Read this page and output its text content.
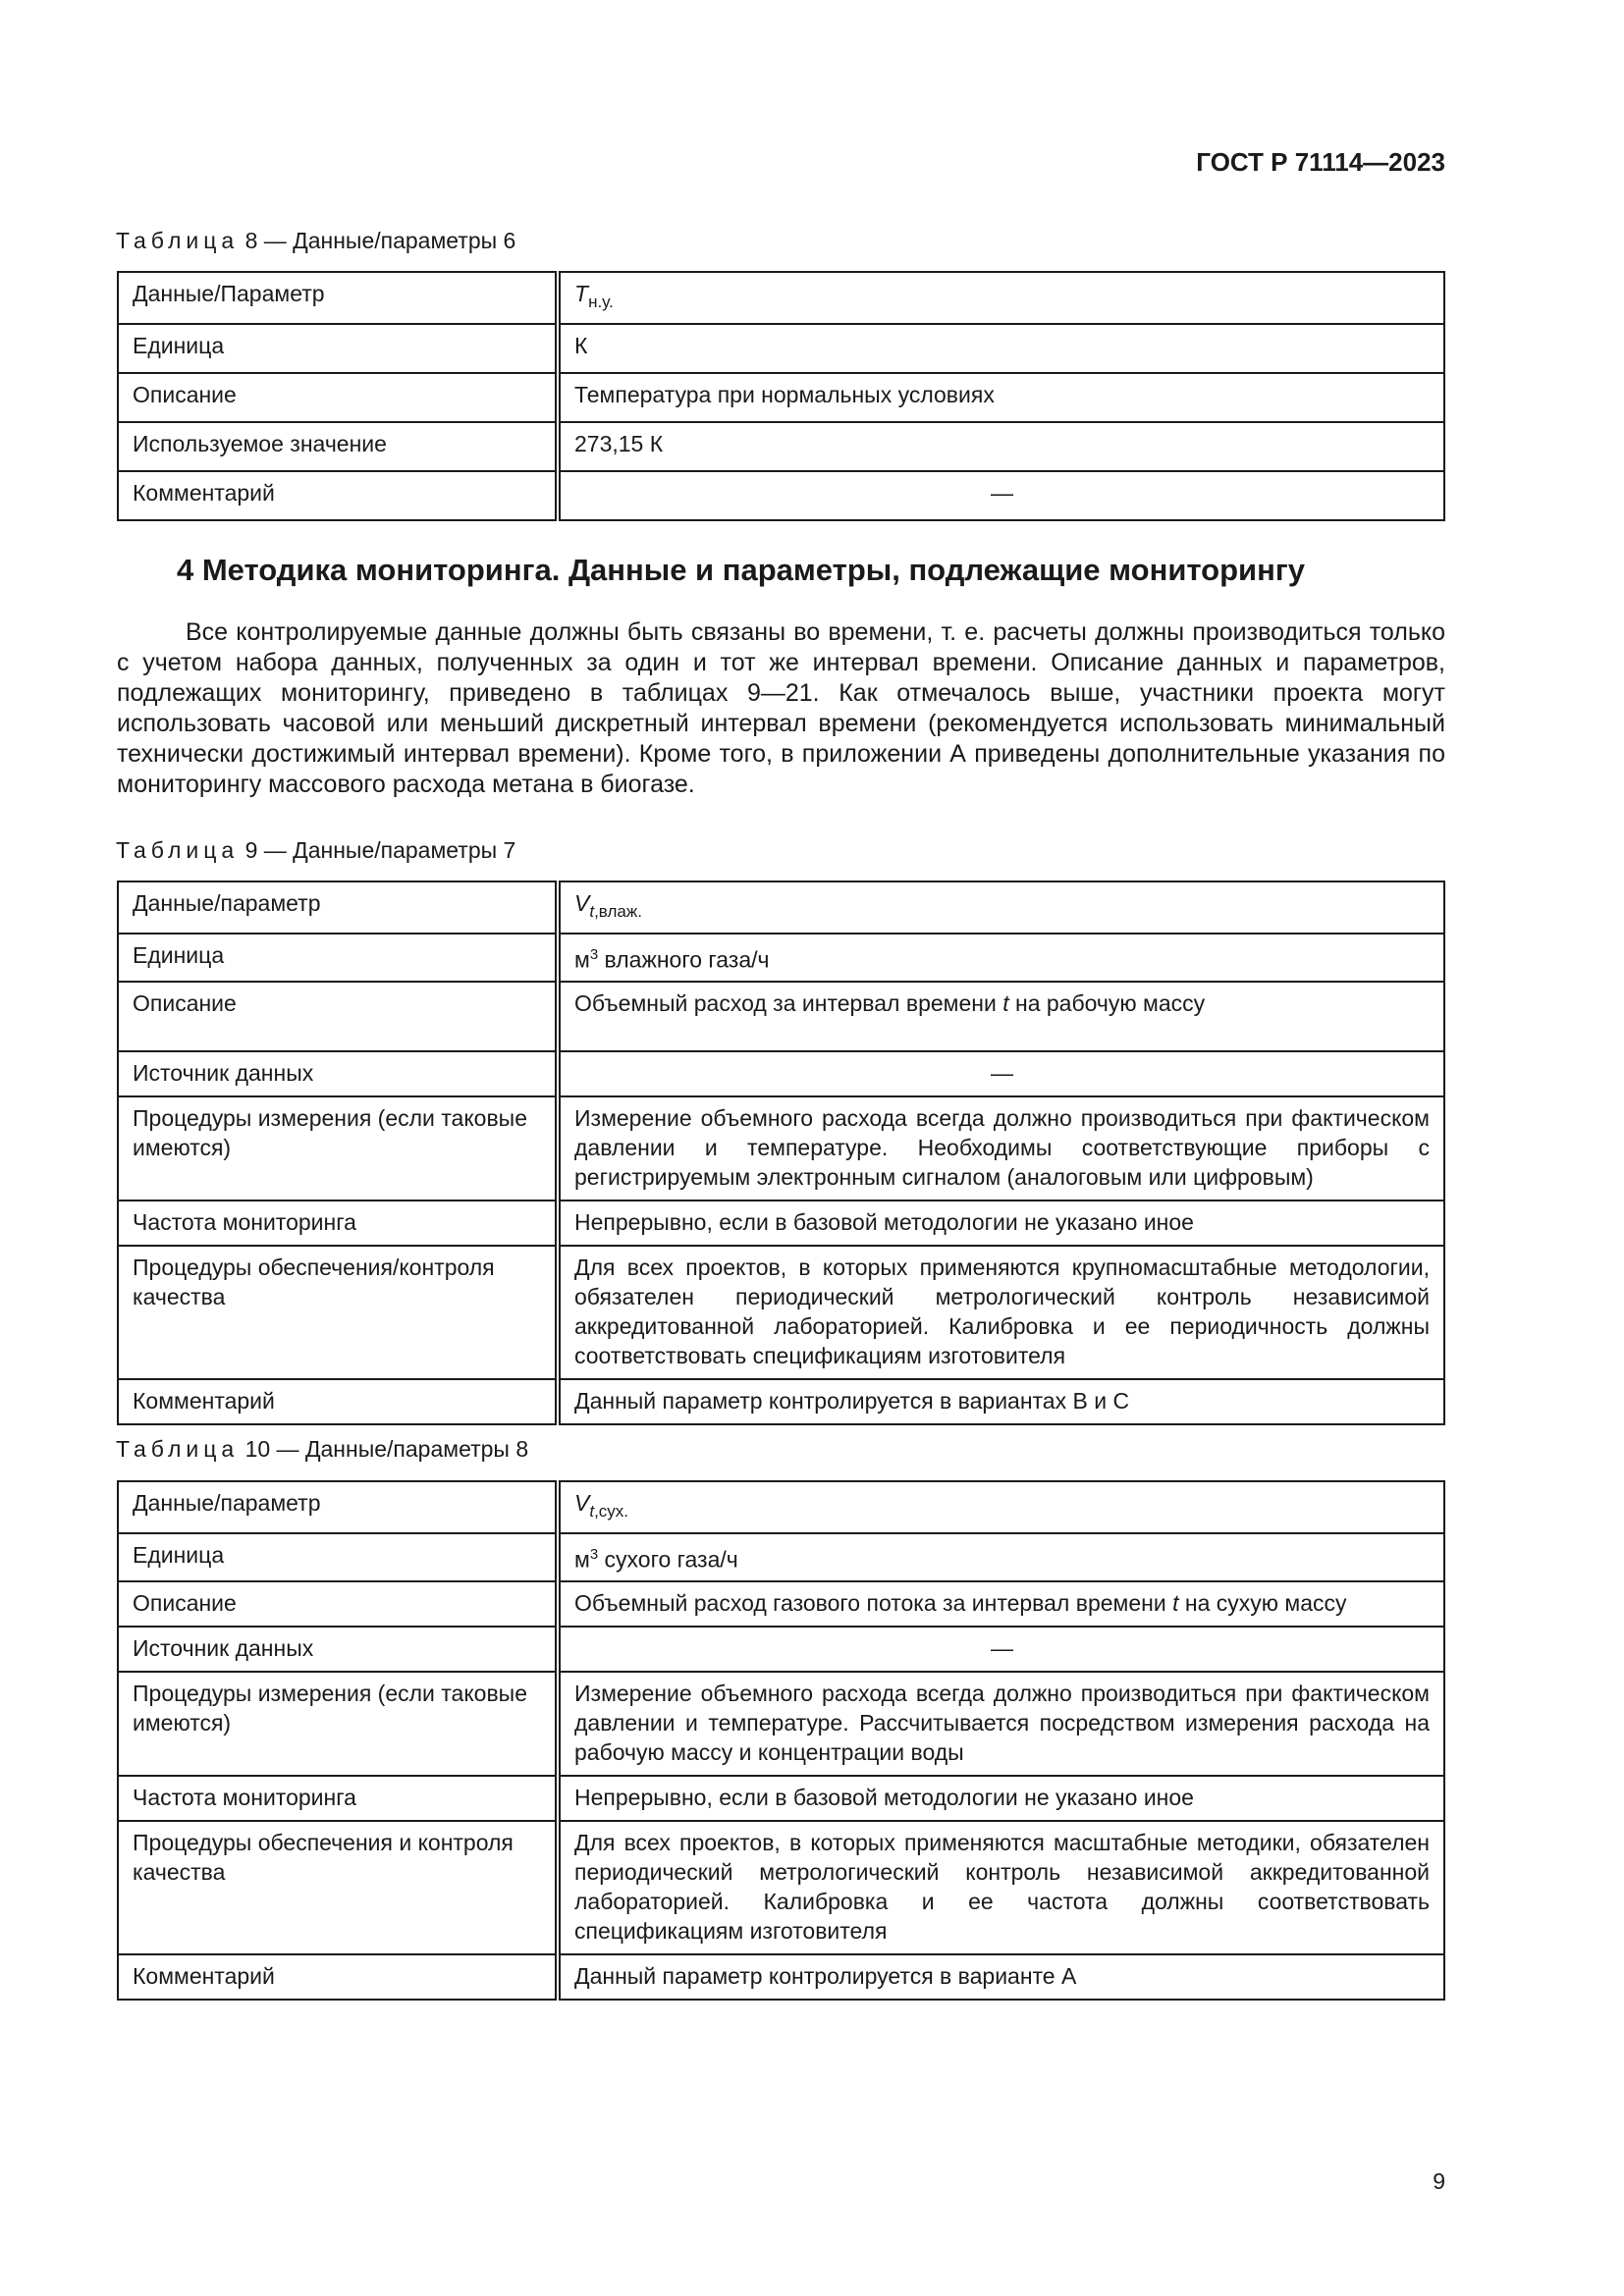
ГОСТ Р 71114—2023
Таблица 8 — Данные/параметры 6
Данные/Параметр	$T_{н.у.}$
Единица	К
Описание	Температура при нормальных условиях
Используемое значение	273,15 К
Комментарий	—
4 Методика мониторинга. Данные и параметры, подлежащие мониторингу
Все контролируемые данные должны быть связаны во времени, т. е. расчеты должны производиться только с учетом набора данных, полученных за один и тот же интервал времени. Описание данных и параметров, подлежащих мониторингу, приведено в таблицах 9—21. Как отмечалось выше, участники проекта могут использовать часовой или меньший дискретный интервал времени (рекомендуется использовать минимальный технически достижимый интервал времени). Кроме того, в приложении А приведены дополнительные указания по мониторингу массового расхода метана в биогазе.
Таблица 9 — Данные/параметры 7
Данные/параметр	$V_{t,влаж.}$
Единица	$м^3$ влажного газа/ч
Описание	Объемный расход за интервал времени t на рабочую массу
Источник данных	—
Процедуры измерения (если таковые имеются)	Измерение объемного расхода всегда должно производиться при фактическом давлении и температуре. Необходимы соответствующие приборы с регистрируемым электронным сигналом (аналоговым или цифровым)
Частота мониторинга	Непрерывно, если в базовой методологии не указано иное
Процедуры обеспечения/контроля качества	Для всех проектов, в которых применяются крупномасштабные методологии, обязателен периодический метрологический контроль независимой аккредитованной лабораторией. Калибровка и ее периодичность должны соответствовать спецификациям изготовителя
Комментарий	Данный параметр контролируется в вариантах В и С
Таблица 10 — Данные/параметры 8
Данные/параметр	$V_{t,сух.}$
Единица	$м^3$ сухого газа/ч
Описание	Объемный расход газового потока за интервал времени t на сухую массу
Источник данных	—
Процедуры измерения (если таковые имеются)	Измерение объемного расхода всегда должно производиться при фактическом давлении и температуре. Рассчитывается посредством измерения расхода на рабочую массу и концентрации воды
Частота мониторинга	Непрерывно, если в базовой методологии не указано иное
Процедуры обеспечения и контроля качества	Для всех проектов, в которых применяются масштабные методики, обязателен периодический метрологический контроль независимой аккредитованной лабораторией. Калибровка и ее частота должны соответствовать спецификациям изготовителя
Комментарий	Данный параметр контролируется в варианте А
9
